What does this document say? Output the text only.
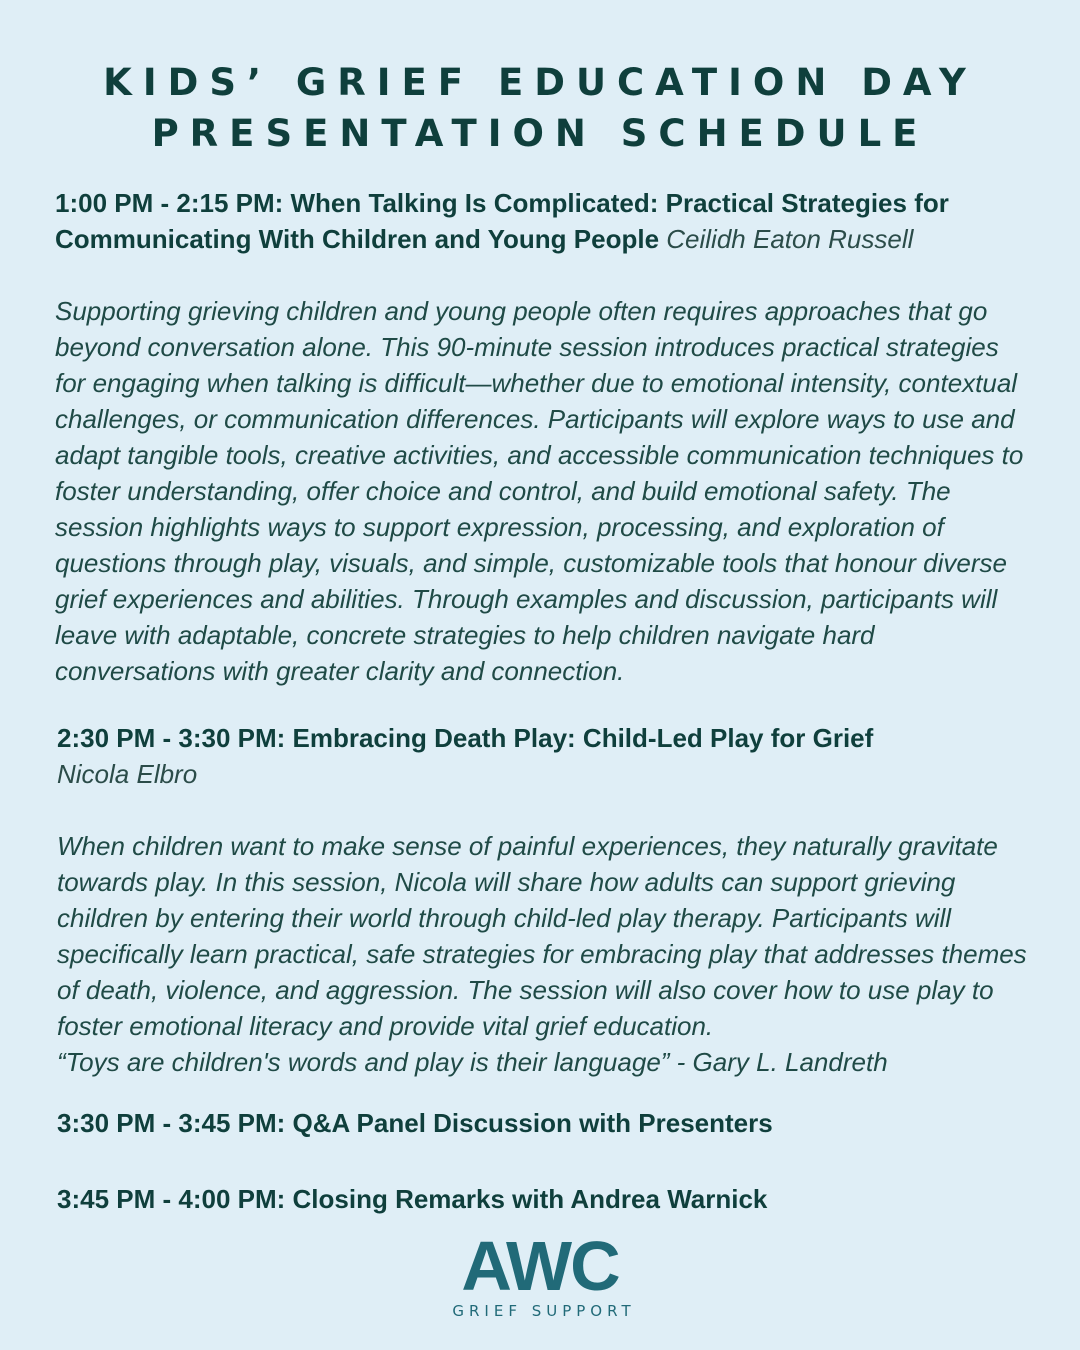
KIDS’ GRIEF EDUCATION DAY
PRESENTATION SCHEDULE

1:00 PM - 2:15 PM: When Talking Is Complicated: Practical Strategies for Communicating With Children and Young People Ceilidh Eaton Russell

Supporting grieving children and young people often requires approaches that go beyond conversation alone. This 90-minute session introduces practical strategies for engaging when talking is difficult—whether due to emotional intensity, contextual challenges, or communication differences. Participants will explore ways to use and adapt tangible tools, creative activities, and accessible communication techniques to foster understanding, offer choice and control, and build emotional safety. The session highlights ways to support expression, processing, and exploration of questions through play, visuals, and simple, customizable tools that honour diverse grief experiences and abilities. Through examples and discussion, participants will leave with adaptable, concrete strategies to help children navigate hard conversations with greater clarity and connection.

2:30 PM - 3:30 PM: Embracing Death Play: Child-Led Play for Grief

Nicola Elbro

When children want to make sense of painful experiences, they naturally gravitate towards play. In this session, Nicola will share how adults can support grieving children by entering their world through child-led play therapy. Participants will specifically learn practical, safe strategies for embracing play that addresses themes of death, violence, and aggression. The session will also cover how to use play to foster emotional literacy and provide vital grief education.

“Toys are children's words and play is their language” - Gary L. Landreth

3:30 PM - 3:45 PM: Q&A Panel Discussion with Presenters

3:45 PM - 4:00 PM: Closing Remarks with Andrea Warnick

AWC
GRIEF SUPPORT
